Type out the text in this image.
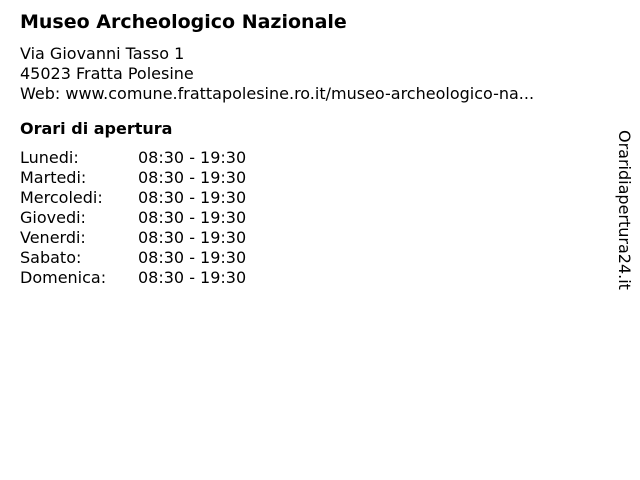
Museo Archeologico Nazionale
Via Giovanni Tasso 1
45023 Fratta Polesine
Web: www.comune.frattapolesine.ro.it/museo-archeologico-na...
Orari di apertura
Lunedi:	08:30 - 19:30
Martedi:	08:30 - 19:30
Mercoledi:	08:30 - 19:30
Giovedi:	08:30 - 19:30
Venerdi:	08:30 - 19:30
Sabato:	08:30 - 19:30
Domenica:	08:30 - 19:30	Oraridiapertura24.it
